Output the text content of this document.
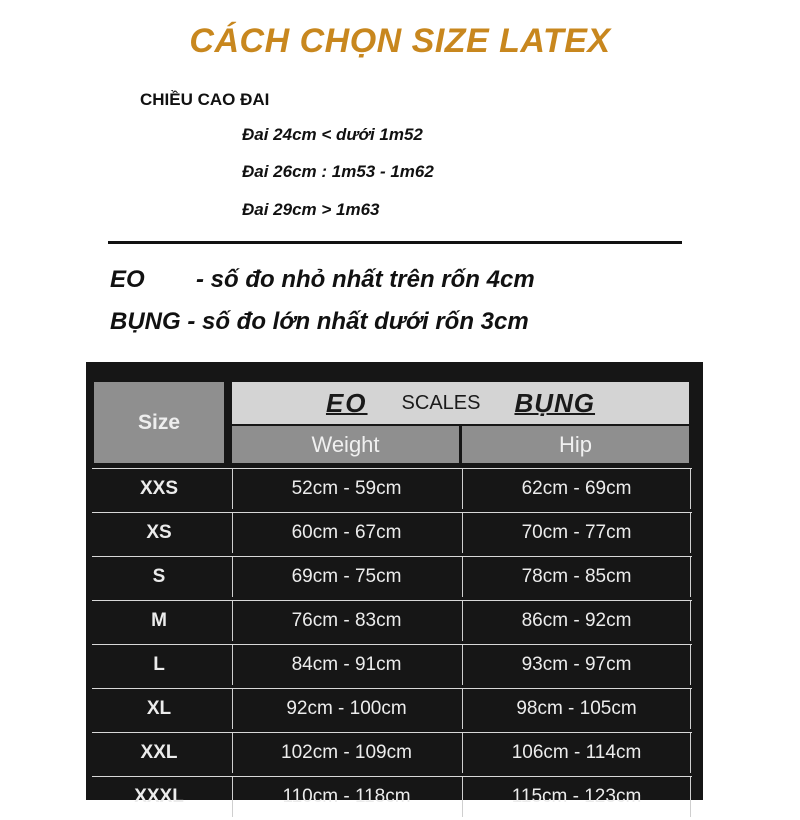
CÁCH CHỌN SIZE LATEX
CHIỀU CAO ĐAI
Đai 24cm < dưới 1m52
Đai 26cm : 1m53 - 1m62
Đai 29cm > 1m63
EO - số đo nhỏ nhất trên rốn 4cm
BỤNG - số đo lớn nhất dưới rốn 3cm
Size
EO SCALES BỤNG
Weight	Hip
XXS	52cm - 59cm	62cm - 69cm
XS	60cm - 67cm	70cm - 77cm
S	69cm - 75cm	78cm - 85cm
M	76cm - 83cm	86cm - 92cm
L	84cm - 91cm	93cm - 97cm
XL	92cm - 100cm	98cm - 105cm
XXL	102cm - 109cm	106cm - 114cm
XXXL	110cm - 118cm	115cm - 123cm
